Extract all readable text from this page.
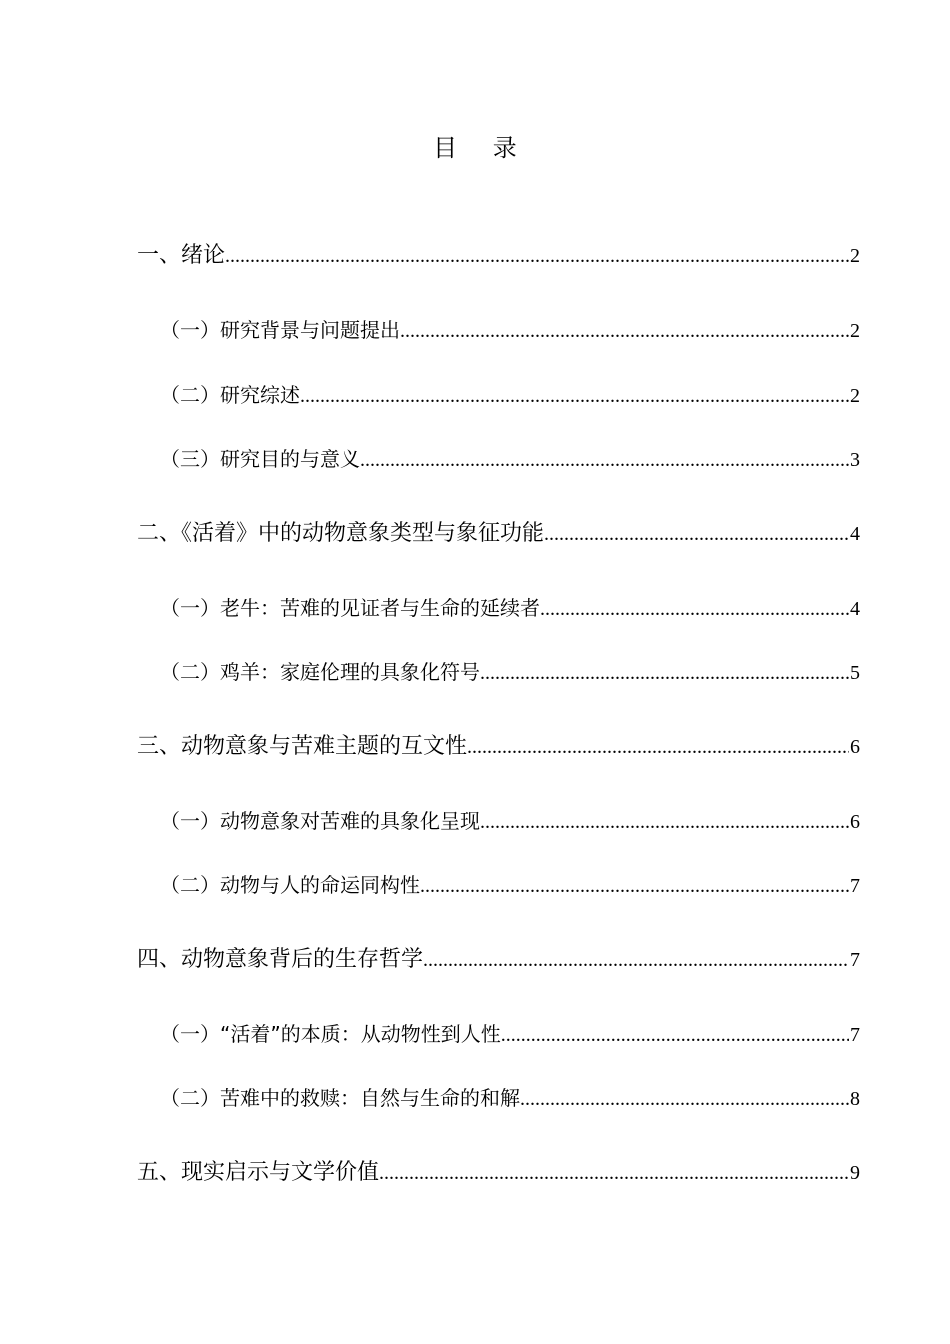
目 录
一、绪论 .....	2
（一）研究背景与问题提出 .....	2
（二）研究综述 .....	2
（三）研究目的与意义 .....	3
二、《活着》中的动物意象类型与象征功能 .....	4
（一）老牛：苦难的见证者与生命的延续者 .....	4
（二）鸡羊：家庭伦理的具象化符号 .....	5
三、动物意象与苦难主题的互文性 .....	6
（一）动物意象对苦难的具象化呈现 .....	6
（二）动物与人的命运同构性 .....	7
四、动物意象背后的生存哲学 .....	7
（一）“活着”的本质：从动物性到人性 .....	7
（二）苦难中的救赎：自然与生命的和解 .....	8
五、现实启示与文学价值 .....	9
